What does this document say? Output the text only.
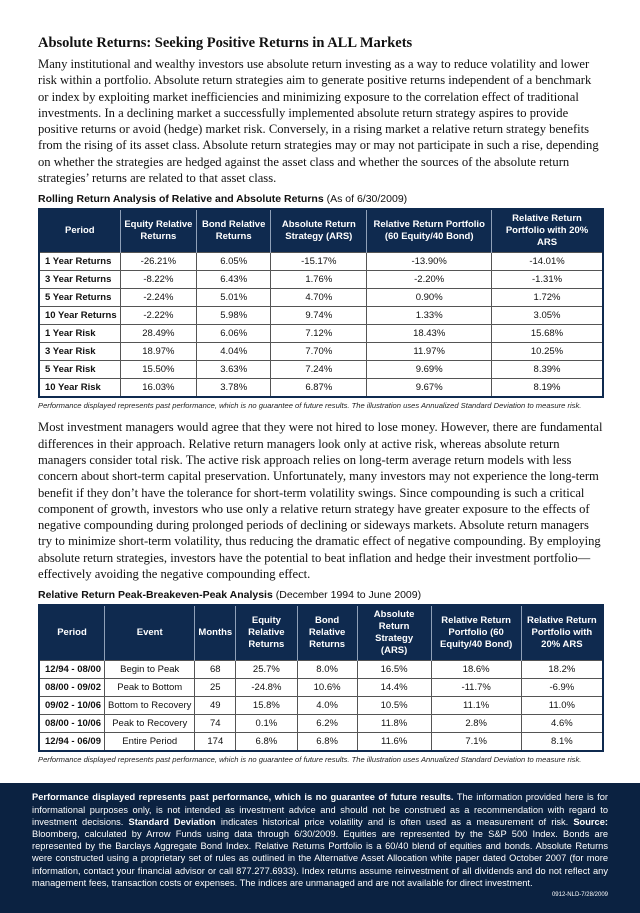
Absolute Returns: Seeking Positive Returns in ALL Markets

Many institutional and wealthy investors use absolute return investing as a way to reduce volatility and lower risk within a portfolio. Absolute return strategies aim to generate positive returns independent of a benchmark or index by exploiting market inefficiencies and minimizing exposure to the correlation effect of traditional investments. In a declining market a successfully implemented absolute return strategy aspires to provide positive returns or avoid (hedge) market risk. Conversely, in a rising market a relative return strategy benefits from the rising of its asset class. Absolute return strategies may or may not participate in such a rise, depending on whether the strategies are hedged against the asset class and whether the sources of the absolute return strategies’ returns are related to that asset class.

Rolling Return Analysis of Relative and Absolute Returns (As of 6/30/2009)
Period	Equity Relative Returns	Bond Relative Returns	Absolute Return Strategy (ARS)	Relative Return Portfolio (60 Equity/40 Bond)	Relative Return Portfolio with 20% ARS
1 Year Returns	-26.21%	6.05%	-15.17%	-13.90%	-14.01%
3 Year Returns	-8.22%	6.43%	1.76%	-2.20%	-1.31%
5 Year Returns	-2.24%	5.01%	4.70%	0.90%	1.72%
10 Year Returns	-2.22%	5.98%	9.74%	1.33%	3.05%
1 Year Risk	28.49%	6.06%	7.12%	18.43%	15.68%
3 Year Risk	18.97%	4.04%	7.70%	11.97%	10.25%
5 Year Risk	15.50%	3.63%	7.24%	9.69%	8.39%
10 Year Risk	16.03%	3.78%	6.87%	9.67%	8.19%
Performance displayed represents past performance, which is no guarantee of future results. The illustration uses Annualized Standard Deviation to measure risk.

Most investment managers would agree that they were not hired to lose money. However, there are fundamental differences in their approach. Relative return managers look only at active risk, whereas absolute return managers consider total risk. The active risk approach relies on long-term average return models with less concern about short-term capital preservation. Unfortunately, many investors may not experience the long-term benefit if they don’t have the tolerance for short-term volatility swings. Since compounding is such a critical component of growth, investors who use only a relative return strategy have greater exposure to the effects of negative compounding during prolonged periods of declining or sideways markets. Absolute return managers try to minimize short-term volatility, thus reducing the dramatic effect of negative compounding. By employing absolute return strategies, investors have the potential to beat inflation and hedge their investment portfolio—effectively avoiding the negative compounding effect.

Relative Return Peak-Breakeven-Peak Analysis (December 1994 to June 2009)
Period	Event	Months	Equity Relative Returns	Bond Relative Returns	Absolute Return Strategy (ARS)	Relative Return Portfolio (60 Equity/40 Bond)	Relative Return Portfolio with 20% ARS
12/94 - 08/00	Begin to Peak	68	25.7%	8.0%	16.5%	18.6%	18.2%
08/00 - 09/02	Peak to Bottom	25	-24.8%	10.6%	14.4%	-11.7%	-6.9%
09/02 - 10/06	Bottom to Recovery	49	15.8%	4.0%	10.5%	11.1%	11.0%
08/00 - 10/06	Peak to Recovery	74	0.1%	6.2%	11.8%	2.8%	4.6%
12/94 - 06/09	Entire Period	174	6.8%	6.8%	11.6%	7.1%	8.1%
Performance displayed represents past performance, which is no guarantee of future results. The illustration uses Annualized Standard Deviation to measure risk.
Performance displayed represents past performance, which is no guarantee of future results. The information provided here is for informational purposes only, is not intended as investment advice and should not be construed as a recommendation with regard to investment decisions. Standard Deviation indicates historical price volatility and is often used as a measurement of risk. Source: Bloomberg, calculated by Arrow Funds using data through 6/30/2009. Equities are represented by the S&P 500 Index. Bonds are represented by the Barclays Aggregate Bond Index. Relative Returns Portfolio is a 60/40 blend of equities and bonds. Absolute Returns were constructed using a proprietary set of rules as outlined in the Alternative Asset Allocation white paper dated October 2007 (for more information, contact your financial advisor or call 877.277.6933). Index returns assume reinvestment of all dividends and do not reflect any management fees, transaction costs or expenses. The indices are unmanaged and are not available for direct investment.
0912-NLD-7/28/2009
